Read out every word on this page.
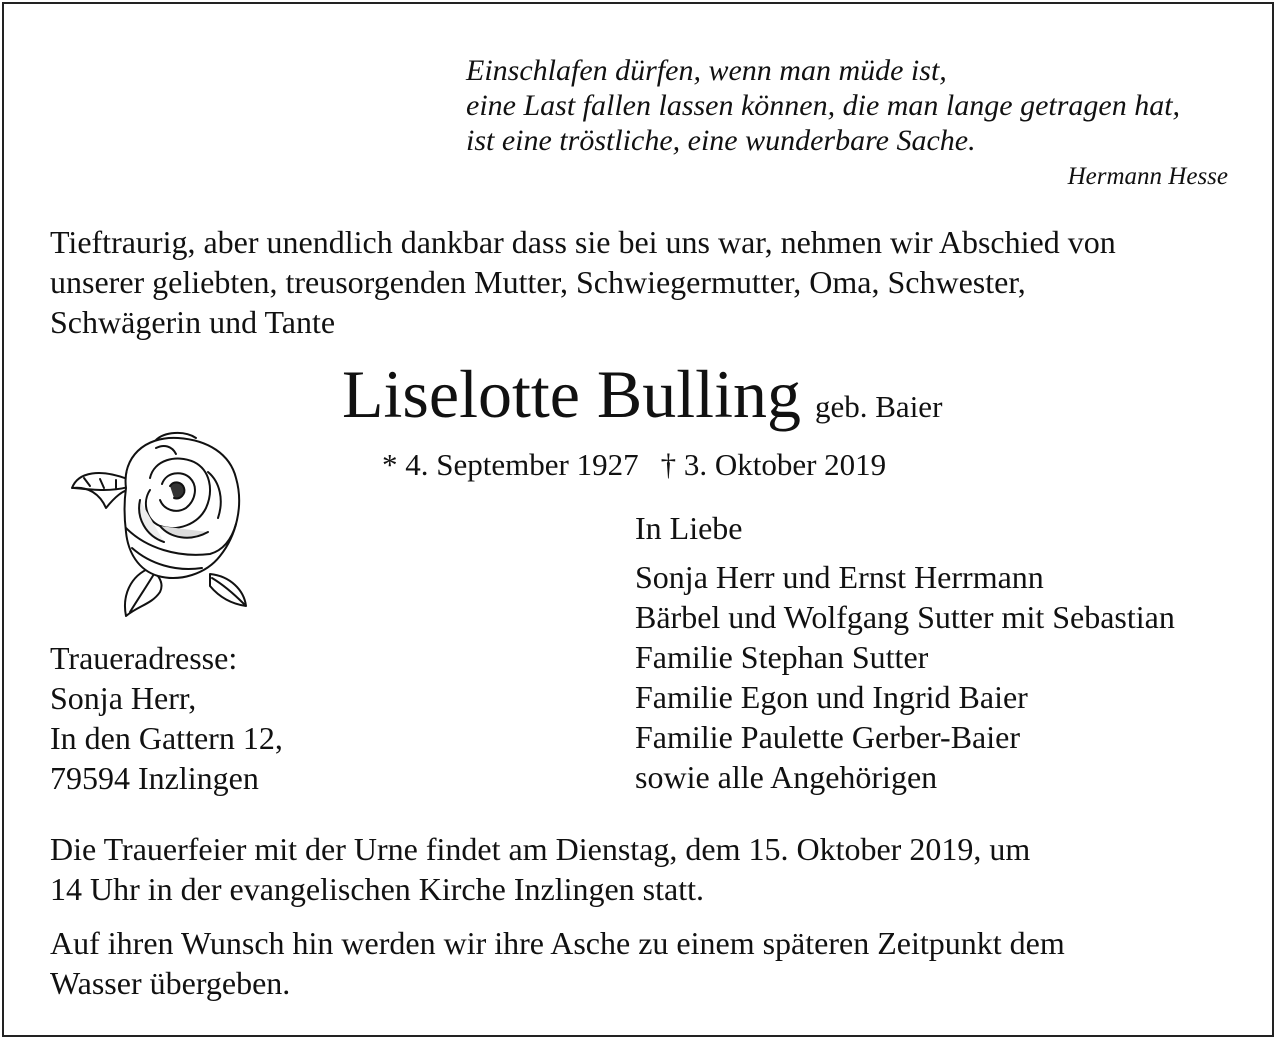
Einschlafen dürfen, wenn man müde ist,
eine Last fallen lassen können, die man lange getragen hat,
ist eine tröstliche, eine wunderbare Sache.
Hermann Hesse
Tieftraurig, aber unendlich dankbar dass sie bei uns war, nehmen wir Abschied von
unserer geliebten, treusorgenden Mutter, Schwiegermutter, Oma, Schwester,
Schwägerin und Tante
Liselotte Bulling geb. Baier
* 4. September 1927 † 3. Oktober 2019
Traueradresse:
Sonja Herr,
In den Gattern 12,
79594 Inzlingen
In Liebe
Sonja Herr und Ernst Herrmann
Bärbel und Wolfgang Sutter mit Sebastian
Familie Stephan Sutter
Familie Egon und Ingrid Baier
Familie Paulette Gerber-Baier
sowie alle Angehörigen
Die Trauerfeier mit der Urne findet am Dienstag, dem 15. Oktober 2019, um
14 Uhr in der evangelischen Kirche Inzlingen statt.
Auf ihren Wunsch hin werden wir ihre Asche zu einem späteren Zeitpunkt dem
Wasser übergeben.
